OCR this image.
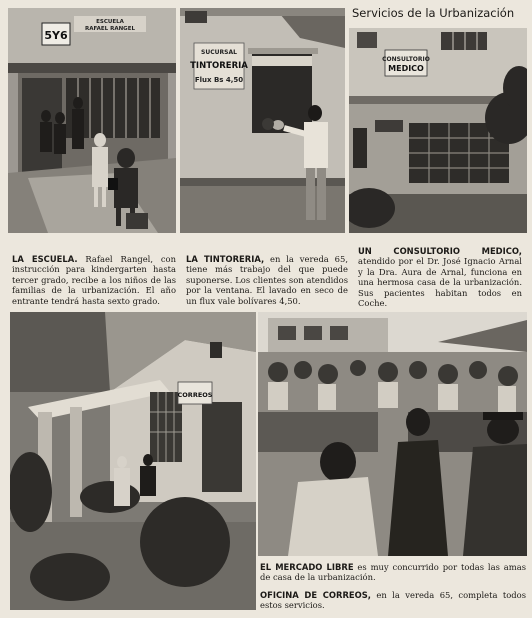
Servicios de la Urbanización
5Y6
ESCUELA
RAFAEL RANGEL
SUCURSAL
TINTORERIA
Flux Bs 4,50
CONSULTORIO
MEDICO
LA ESCUELA. Rafael Rangel, con instrucción para kindergarten hasta tercer grado, recibe a los niños de las familias de la urbanización. El año entrante tendrá hasta sexto grado.
LA TINTORERIA, en la vereda 65, tiene más trabajo del que puede suponerse. Los clientes son atendidos por la ventana. El lavado en seco de un flux vale bolívares 4,50.
UN CONSULTORIO MEDICO, atendido por el Dr. José Ignacio Arnal y la Dra. Aura de Arnal, funciona en una hermosa casa de la urbanización. Sus pacientes habitan todos en Coche.
CORREOS
EL MERCADO LIBRE es muy concurrido por todas las amas de casa de la urbanización.
OFICINA DE CORREOS, en la vereda 65, completa todos estos servicios.
